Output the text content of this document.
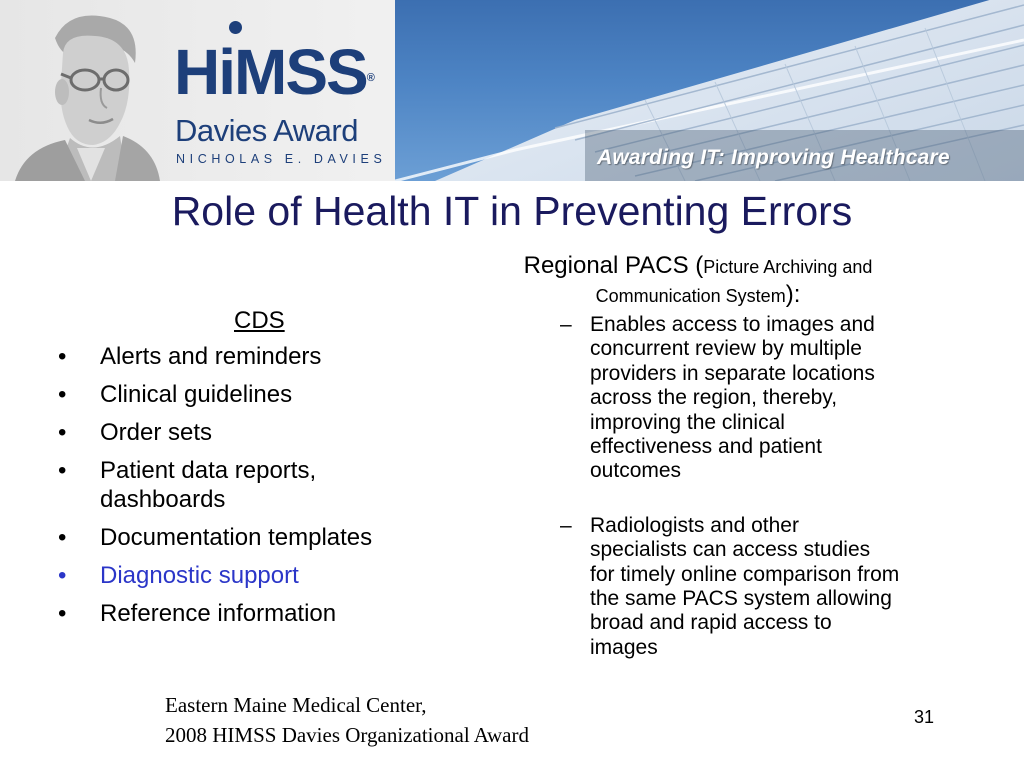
HiMSS®
Davies Award
NICHOLAS E. DAVIES	Awarding IT: Improving Healthcare
Role of Health IT in Preventing Errors
CDS
• Alerts and reminders
• Clinical guidelines
• Order sets
• Patient data reports, dashboards
• Documentation templates
• Diagnostic support
• Reference information
Regional PACS (Picture Archiving and Communication System):
– Enables access to images and concurrent review by multiple providers in separate locations across the region, thereby, improving the clinical effectiveness and patient outcomes
– Radiologists and other specialists can access studies for timely online comparison from the same PACS system allowing broad and rapid access to images
Eastern Maine Medical Center,
2008 HIMSS Davies Organizational Award
31
